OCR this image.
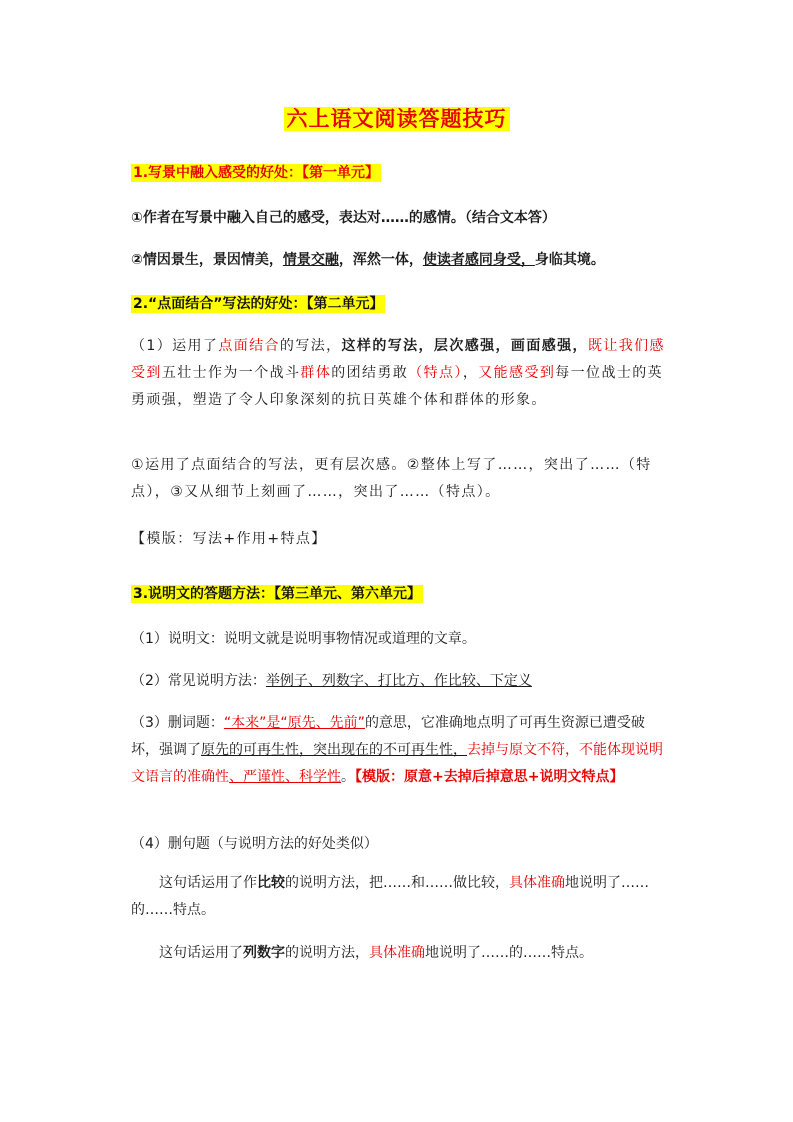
六上语文阅读答题技巧
1.写景中融入感受的好处：【第一单元】
①作者在写景中融入自己的感受，表达对……的感情。（结合文本答）
②情因景生，景因情美，情景交融，浑然一体，使读者感同身受，身临其境。
2.“点面结合”写法的好处：【第二单元】
（1）运用了点面结合的写法，这样的写法，层次感强，画面感强，既让我们感受到五壮士作为一个战斗群体的团结勇敢（特点），又能感受到每一位战士的英勇顽强，塑造了令人印象深刻的抗日英雄个体和群体的形象。
①运用了点面结合的写法，更有层次感。②整体上写了……，突出了……（特点），③又从细节上刻画了……，突出了……（特点）。
【模版：写法+作用+特点】
3.说明文的答题方法：【第三单元、第六单元】
（1）说明文：说明文就是说明事物情况或道理的文章。
（2）常见说明方法：举例子、列数字、打比方、作比较、下定义
（3）删词题：“本来”是“原先、先前”的意思，它准确地点明了可再生资源已遭受破坏，强调了原先的可再生性，突出现在的不可再生性，去掉与原文不符，不能体现说明文语言的准确性、严谨性、科学性。【模版：原意+去掉后掉意思+说明文特点】
（4）删句题（与说明方法的好处类似）
这句话运用了作比较的说明方法，把……和……做比较，具体准确地说明了……的……特点。
这句话运用了列数字的说明方法，具体准确地说明了……的……特点。
